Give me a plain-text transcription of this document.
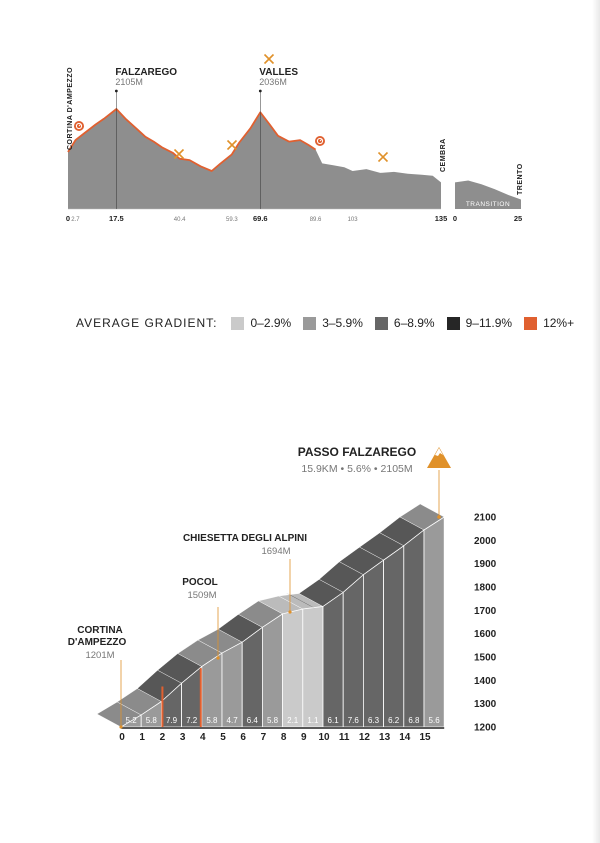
TRANSITION
0 2.7	17.5	40.4	59.3 69.6	89.6	103	135 0	25
FALZAREGO
2105M
VALLES
2036M
CORTINA D'AMPEZZO
CEMBRA
TRENTO
AVERAGE GRADIENT:	0–2.9%	3–5.9%	6–8.9%	9–11.9%	12%+
5.2 5.8 7.9 7.2 5.8 4.7 6.4 5.8 2.1 1.1 6.1 7.6 6.3 6.2 6.8 5.6
0 1 2 3 4 5 6 7 8 9 10 11 12 13 14 15
1200
1300
1400
1500
1600
1700
1800
1900
2000
2100
CORTINA
D'AMPEZZO
1201M
POCOL
1509M
CHIESETTA DEGLI ALPINI
1694M
PASSO FALZAREGO
15.9KM • 5.6% • 2105M
